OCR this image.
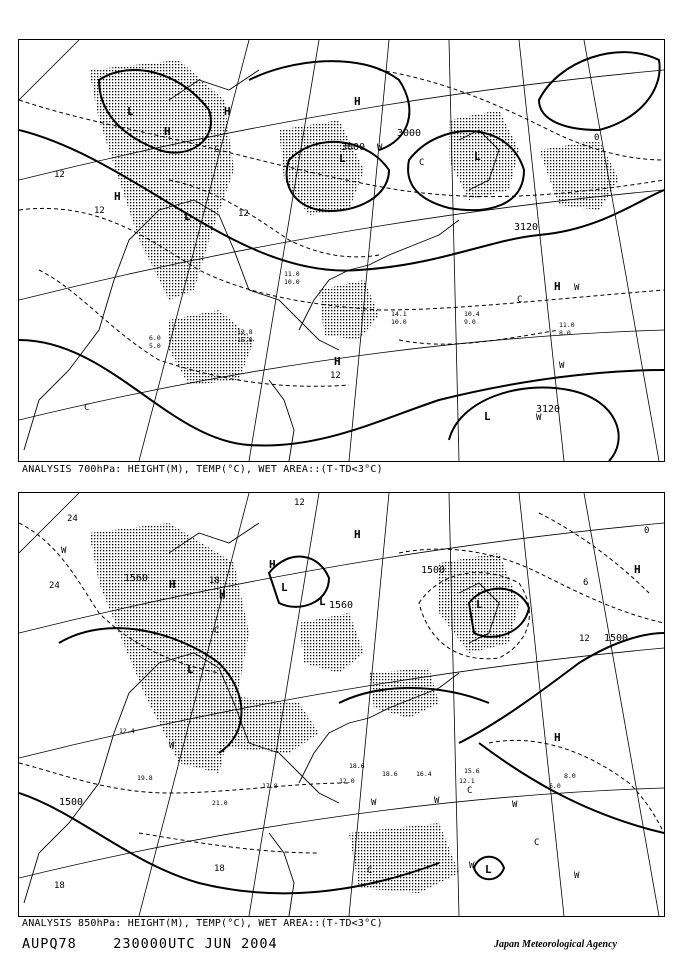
H
H
H
L
L	L
L
H
H
H
L
C
C
C
C
W
W
W
W
3000
3000
3120
3120
12
12	12
12
0
10.4
9.0	11.0
8.0
14.1
10.0
12.8
15.0
11.0
10.0
6.0
5.0
ANALYSIS 700hPa: HEIGHT(M), TEMP(°C), WET AREA::(T-TD<3°C)
H
H
H
H
L
L
L
L
H
L
H
W
W
W	W	W
W
C
C
C
C
W
1500
1500
1560
1560
1500
24
24	18
18
18
12
0
12
6
21.0
19.8	18.6	16.4
17.8
15.6
18.6
12.0
12.4
12.1
6.0
8.0
ANALYSIS 850hPa: HEIGHT(M), TEMP(°C), WET AREA::(T-TD<3°C)
AUPQ78	230000UTC JUN 2004	Japan Meteorological Agency
